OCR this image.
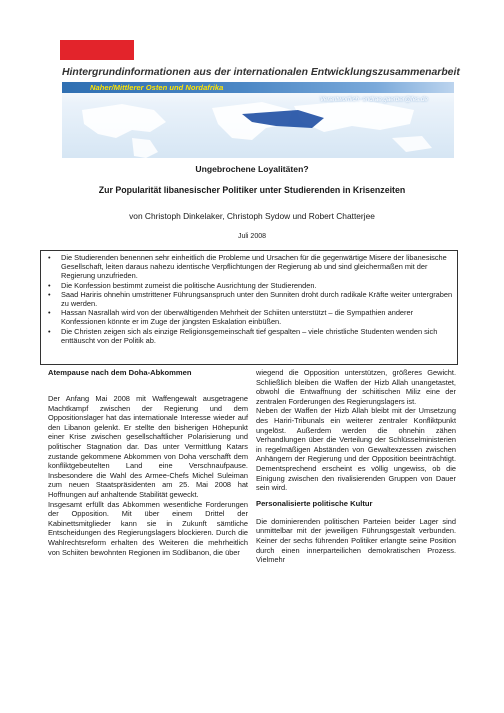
Hintergrundinformationen aus der internationalen Entwicklungszusammenarbeit
Naher/Mittlerer Osten und Nordafrika
Verantwortlich: andrae.gaerber@fes.de
Ungebrochene Loyalitäten?
Zur Popularität libanesischer Politiker unter Studierenden in Krisenzeiten
von Christoph Dinkelaker, Christoph Sydow und Robert Chatterjee
Juli 2008
• Die Studierenden benennen sehr einheitlich die Probleme und Ursachen für die gegenwärtige Misere der libanesische Gesellschaft, leiten daraus nahezu identische Verpflichtungen der Regierung ab und sind gleichermaßen mit der Regierung unzufrieden.
• Die Konfession bestimmt zumeist die politische Ausrichtung der Studierenden.
• Saad Hariris ohnehin umstrittener Führungsanspruch unter den Sunniten droht durch radikale Kräfte weiter untergraben zu werden.
• Hassan Nasrallah wird von der überwältigenden Mehrheit der Schiiten unterstützt – die Sympathien anderer Konfessionen könnte er im Zuge der jüngsten Eskalation einbüßen.
• Die Christen zeigen sich als einzige Religionsgemeinschaft tief gespalten – viele christliche Studenten wenden sich enttäuscht von der Politik ab.
Atempause nach dem Doha-Abkommen

Der Anfang Mai 2008 mit Waffengewalt ausgetragene Machtkampf zwischen der Regierung und dem Oppositionslager hat das internationale Interesse wieder auf den Libanon gelenkt. Er stellte den bisherigen Höhepunkt einer Krise zwischen gesellschaftlicher Polarisierung und politischer Stagnation dar. Das unter Vermittlung Katars zustande gekommene Abkommen von Doha verschafft dem konfliktgebeutelten Land eine Verschnaufpause. Insbesondere die Wahl des Armee-Chefs Michel Suleiman zum neuen Staatspräsidenten am 25. Mai 2008 hat Hoffnungen auf anhaltende Stabilität geweckt.

Insgesamt erfüllt das Abkommen wesentliche Forderungen der Opposition. Mit über einem Drittel der Kabinettsmitglieder kann sie in Zukunft sämtliche Entscheidungen des Regierungslagers blockieren. Durch die Wahlrechtsreform erhalten des Weiteren die mehrheitlich von Schiiten bewohnten Regionen im Südlibanon, die über

wiegend die Opposition unterstützen, größeres Gewicht. Schließlich bleiben die Waffen der Hizb Allah unangetastet, obwohl die Entwaffnung der schiitischen Miliz eine der zentralen Forderungen des Regierungslagers ist.

Neben der Waffen der Hizb Allah bleibt mit der Umsetzung des Hariri-Tribunals ein weiterer zentraler Konfliktpunkt ungelöst. Außerdem werden die ohnehin zähen Verhandlungen über die Verteilung der Schlüsselministerien in regelmäßigen Abständen von Gewaltexzessen zwischen Anhängern der Regierung und der Opposition beeinträchtigt. Dementsprechend erscheint es völlig ungewiss, ob die Einigung zwischen den rivalisierenden Gruppen von Dauer sein wird.

Personalisierte politische Kultur

Die dominierenden politischen Parteien beider Lager sind unmittelbar mit der jeweiligen Führungsgestalt verbunden. Keiner der sechs führenden Politiker erlangte seine Position durch einen innerparteilichen demokratischen Prozess. Vielmehr
